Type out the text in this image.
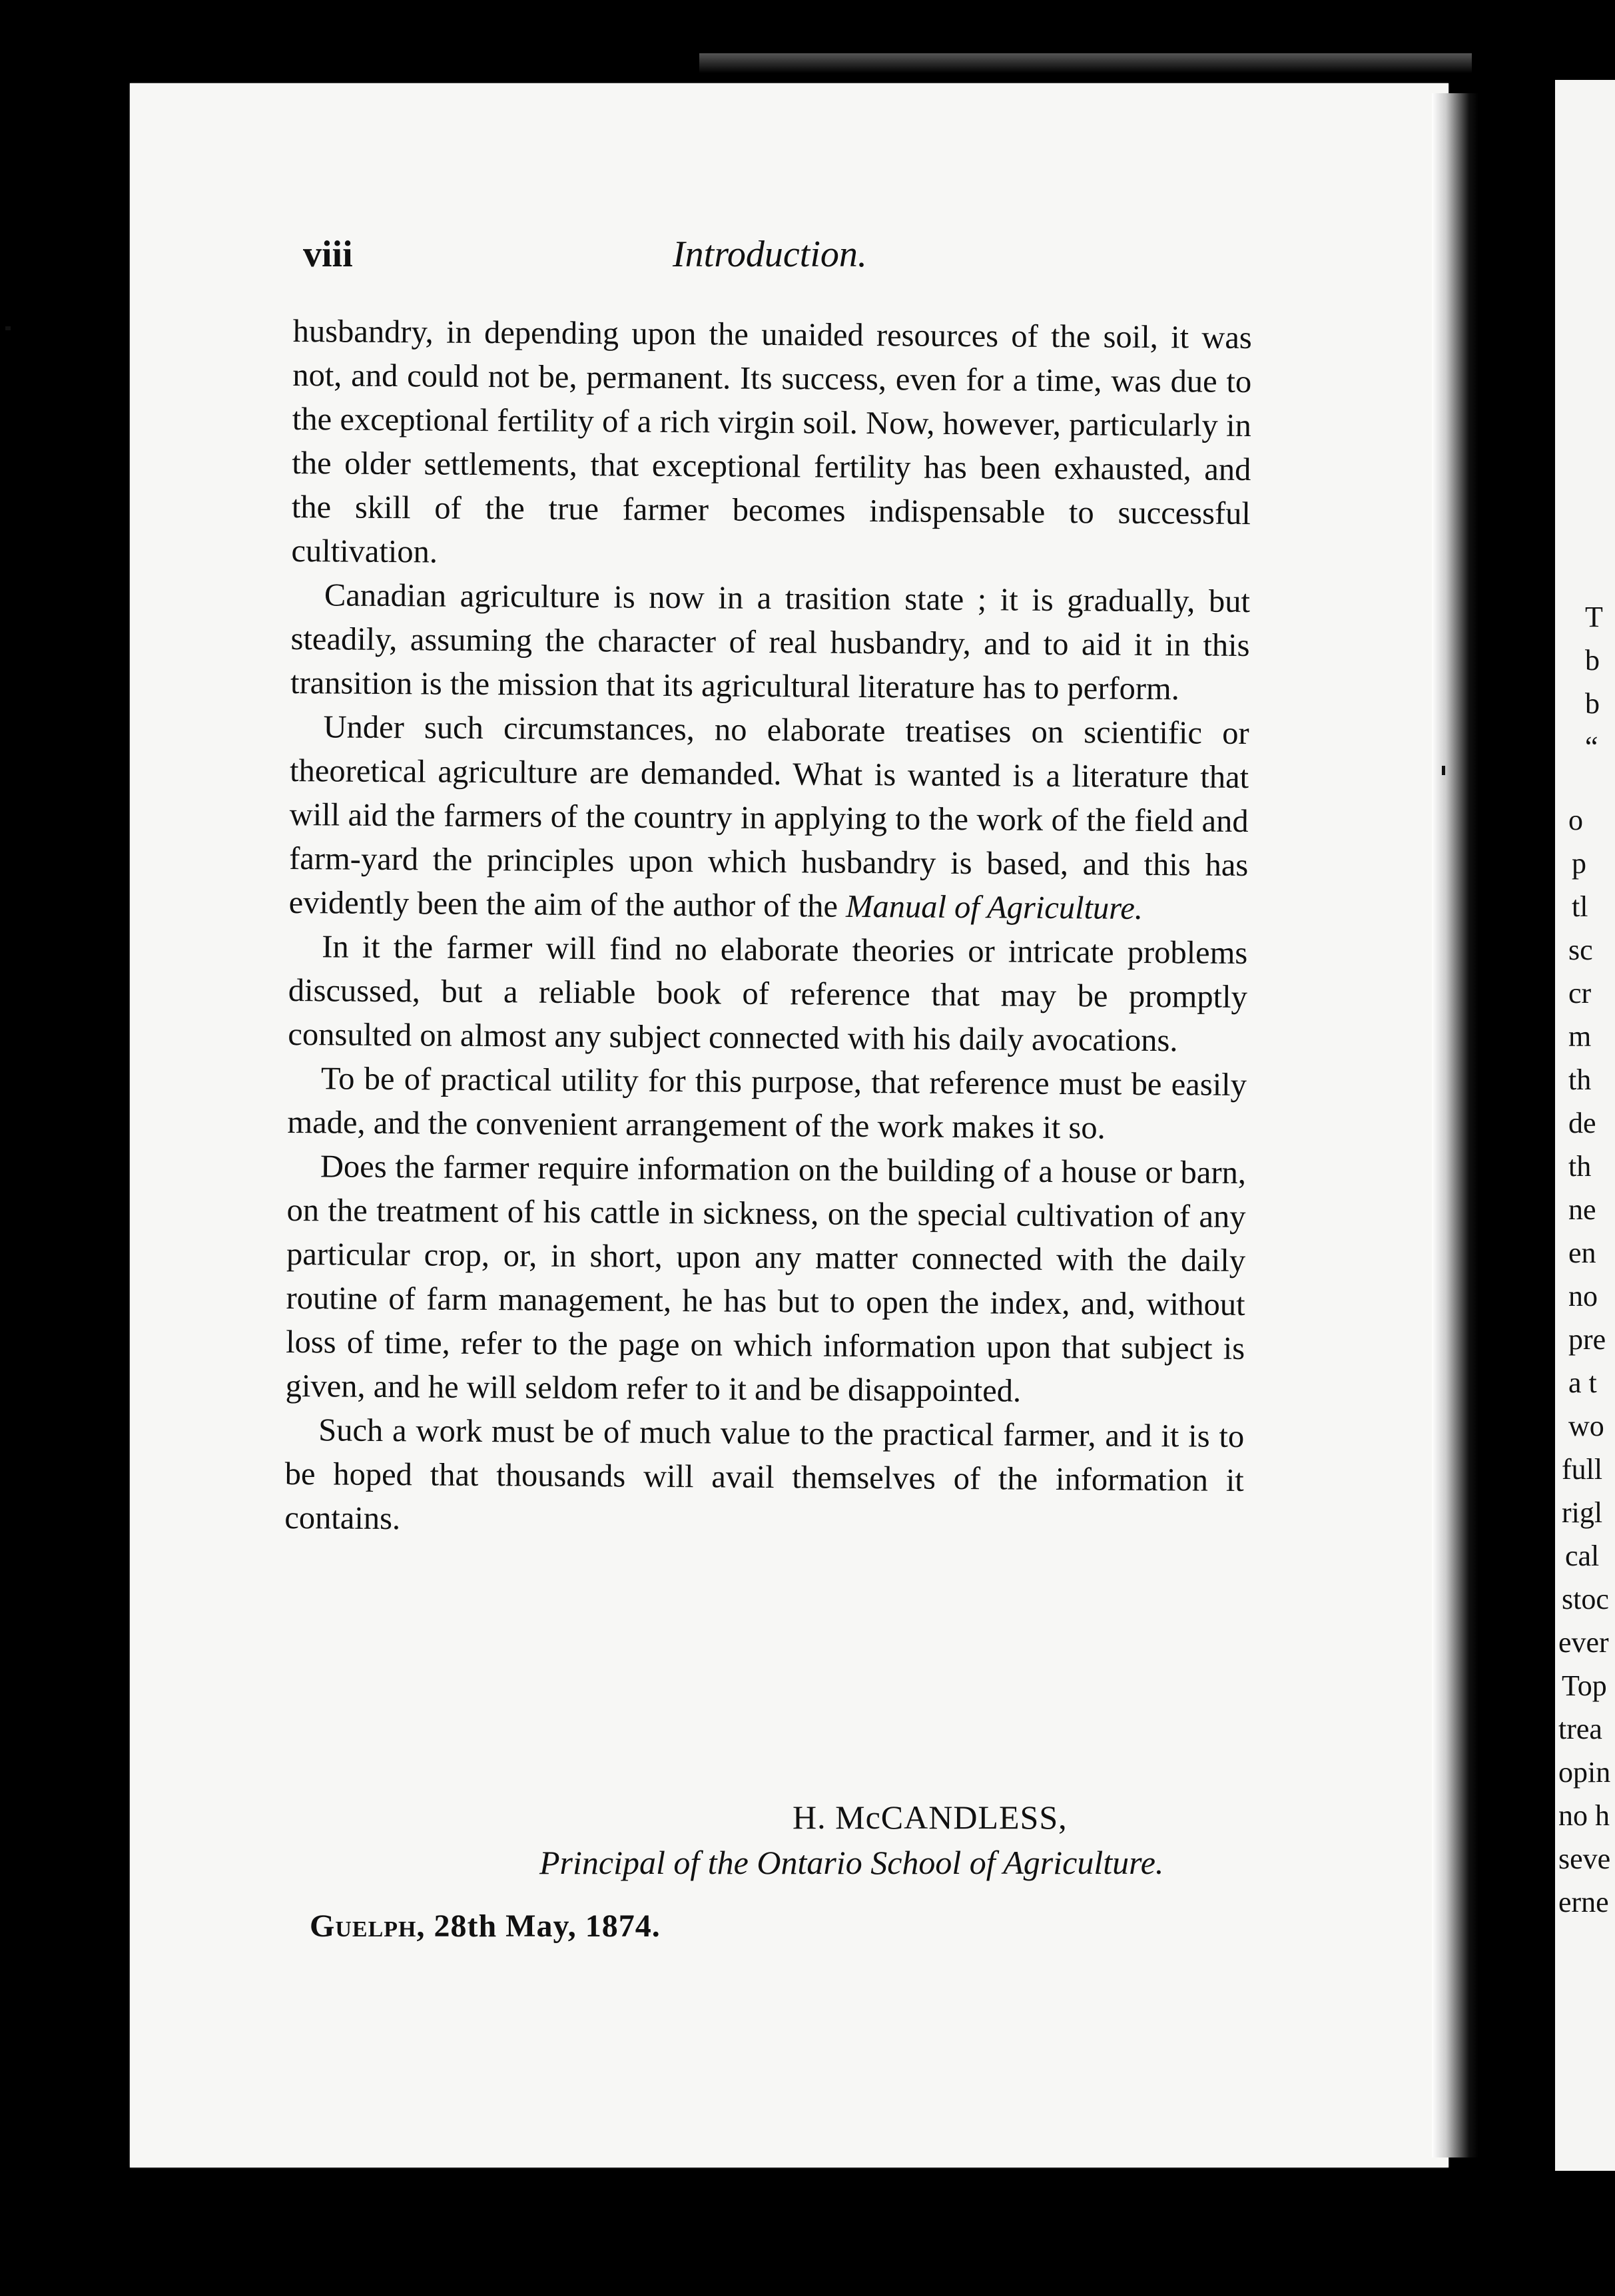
T
b
b
“
o
p
tl
sc
cr
m
th
de
th
ne
en
no
pre
a t
wo
full
rigl
cal
stoc
ever
Top
trea
opin
no h
seve
erne
viii	Introduction.

husbandry, in depending upon the unaided resources of the soil, it was not, and could not be, permanent. Its success, even for a time, was due to the exceptional fertility of a rich virgin soil. Now, however, particularly in the older settlements, that exceptional fertility has been exhausted, and the skill of the true farmer becomes indispensable to successful cultivation.

Canadian agriculture is now in a trasition state ; it is gradually, but steadily, assuming the character of real husbandry, and to aid it in this transition is the mission that its agricultural literature has to perform.

Under such circumstances, no elaborate treatises on scientific or theoretical agriculture are demanded. What is wanted is a literature that will aid the farmers of the country in applying to the work of the field and farm-yard the principles upon which husbandry is based, and this has evidently been the aim of the author of the Manual of Agriculture.

In it the farmer will find no elaborate theories or intricate problems discussed, but a reliable book of reference that may be promptly consulted on almost any subject connected with his daily avocations.

To be of practical utility for this purpose, that reference must be easily made, and the convenient arrangement of the work makes it so.

Does the farmer require information on the building of a house or barn, on the treatment of his cattle in sickness, on the special cultivation of any particular crop, or, in short, upon any matter connected with the daily routine of farm management, he has but to open the index, and, without loss of time, refer to the page on which information upon that subject is given, and he will seldom refer to it and be disappointed.

Such a work must be of much value to the practical farmer, and it is to be hoped that thousands will avail themselves of the information it contains.

H. McCANDLESS,
Principal of the Ontario School of Agriculture.
Guelph, 28th May, 1874.
